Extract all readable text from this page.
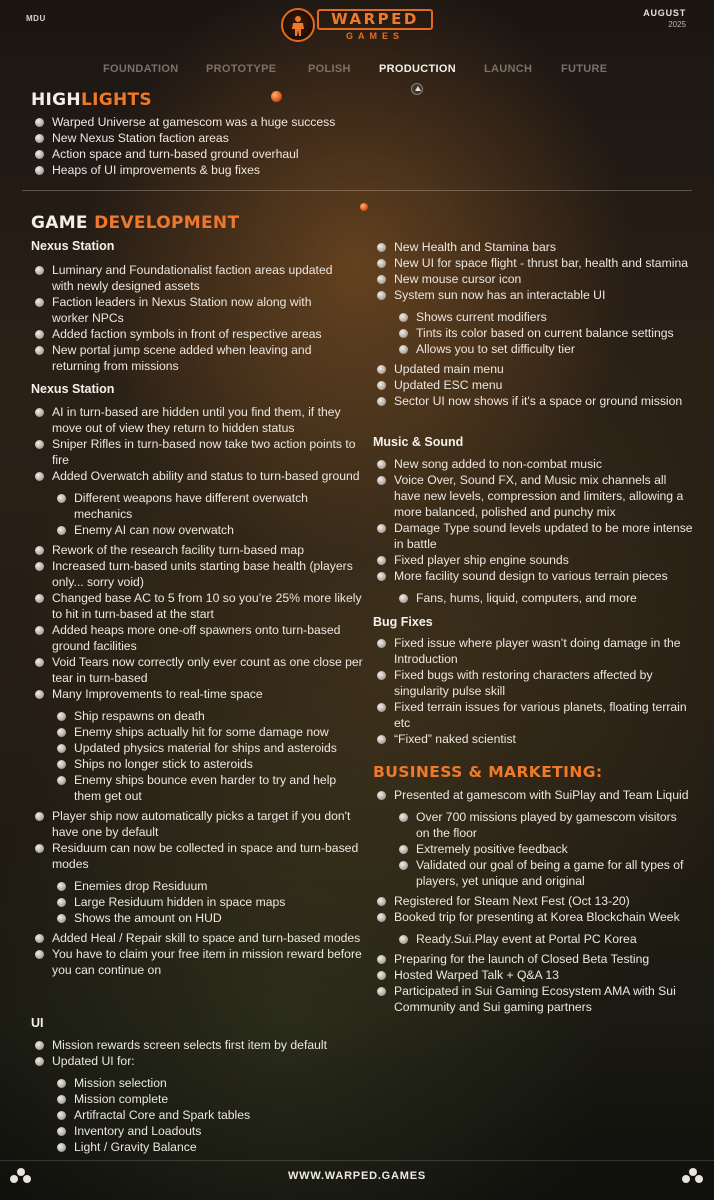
MDU
AUGUST
2025
WARPED
GAMES
FOUNDATION PROTOTYPE	POLISH	PRODUCTION	LAUNCH	FUTURE
HIGHLIGHTS
Warped Universe at gamescom was a huge success
New Nexus Station faction areas
Action space and turn-based ground overhaul
Heaps of UI improvements & bug fixes
GAME DEVELOPMENT
Nexus Station
Luminary and Foundationalist faction areas updated with newly designed assets
Faction leaders in Nexus Station now along with worker NPCs
Added faction symbols in front of respective areas
New portal jump scene added when leaving and returning from missions
Nexus Station
AI in turn-based are hidden until you find them, if they move out of view they return to hidden status
Sniper Rifles in turn-based now take two action points to fire
Added Overwatch ability and status to turn-based ground
Different weapons have different overwatch mechanics
Enemy AI can now overwatch
Rework of the research facility turn-based map
Increased turn-based units starting base health (players only... sorry void)
Changed base AC to 5 from 10 so you’re 25% more likely to hit in turn-based at the start
Added heaps more one-off spawners onto turn-based ground facilities
Void Tears now correctly only ever count as one close per tear in turn-based
Many Improvements to real-time space
Ship respawns on death
Enemy ships actually hit for some damage now
Updated physics material for ships and asteroids
Ships no longer stick to asteroids
Enemy ships bounce even harder to try and help them get out
Player ship now automatically picks a target if you don't have one by default
Residuum can now be collected in space and turn-based modes
Enemies drop Residuum
Large Residuum hidden in space maps
Shows the amount on HUD
Added Heal / Repair skill to space and turn-based modes
You have to claim your free item in mission reward before you can continue on
UI
Mission rewards screen selects first item by default
Updated UI for:
Mission selection
Mission complete
Artifractal Core and Spark tables
Inventory and Loadouts
Light / Gravity Balance
New Health and Stamina bars
New UI for space flight - thrust bar, health and stamina
New mouse cursor icon
System sun now has an interactable UI
Shows current modifiers
Tints its color based on current balance settings
Allows you to set difficulty tier
Updated main menu
Updated ESC menu
Sector UI now shows if it's a space or ground mission
Music & Sound
New song added to non-combat music
Voice Over, Sound FX, and Music mix channels all have new levels, compression and limiters, allowing a more balanced, polished and punchy mix
Damage Type sound levels updated to be more intense in battle
Fixed player ship engine sounds
More facility sound design to various terrain pieces
Fans, hums, liquid, computers, and more
Bug Fixes
Fixed issue where player wasn’t doing damage in the Introduction
Fixed bugs with restoring characters affected by singularity pulse skill
Fixed terrain issues for various planets, floating terrain etc
“Fixed” naked scientist
BUSINESS & MARKETING:
Presented at gamescom with SuiPlay and Team Liquid
Over 700 missions played by gamescom visitors on the floor
Extremely positive feedback
Validated our goal of being a game for all types of players, yet unique and original
Registered for Steam Next Fest (Oct 13-20)
Booked trip for presenting at Korea Blockchain Week
Ready.Sui.Play event at Portal PC Korea
Preparing for the launch of Closed Beta Testing
Hosted Warped Talk + Q&A 13
Participated in Sui Gaming Ecosystem AMA with Sui Community and Sui gaming partners
WWW.WARPED.GAMES
